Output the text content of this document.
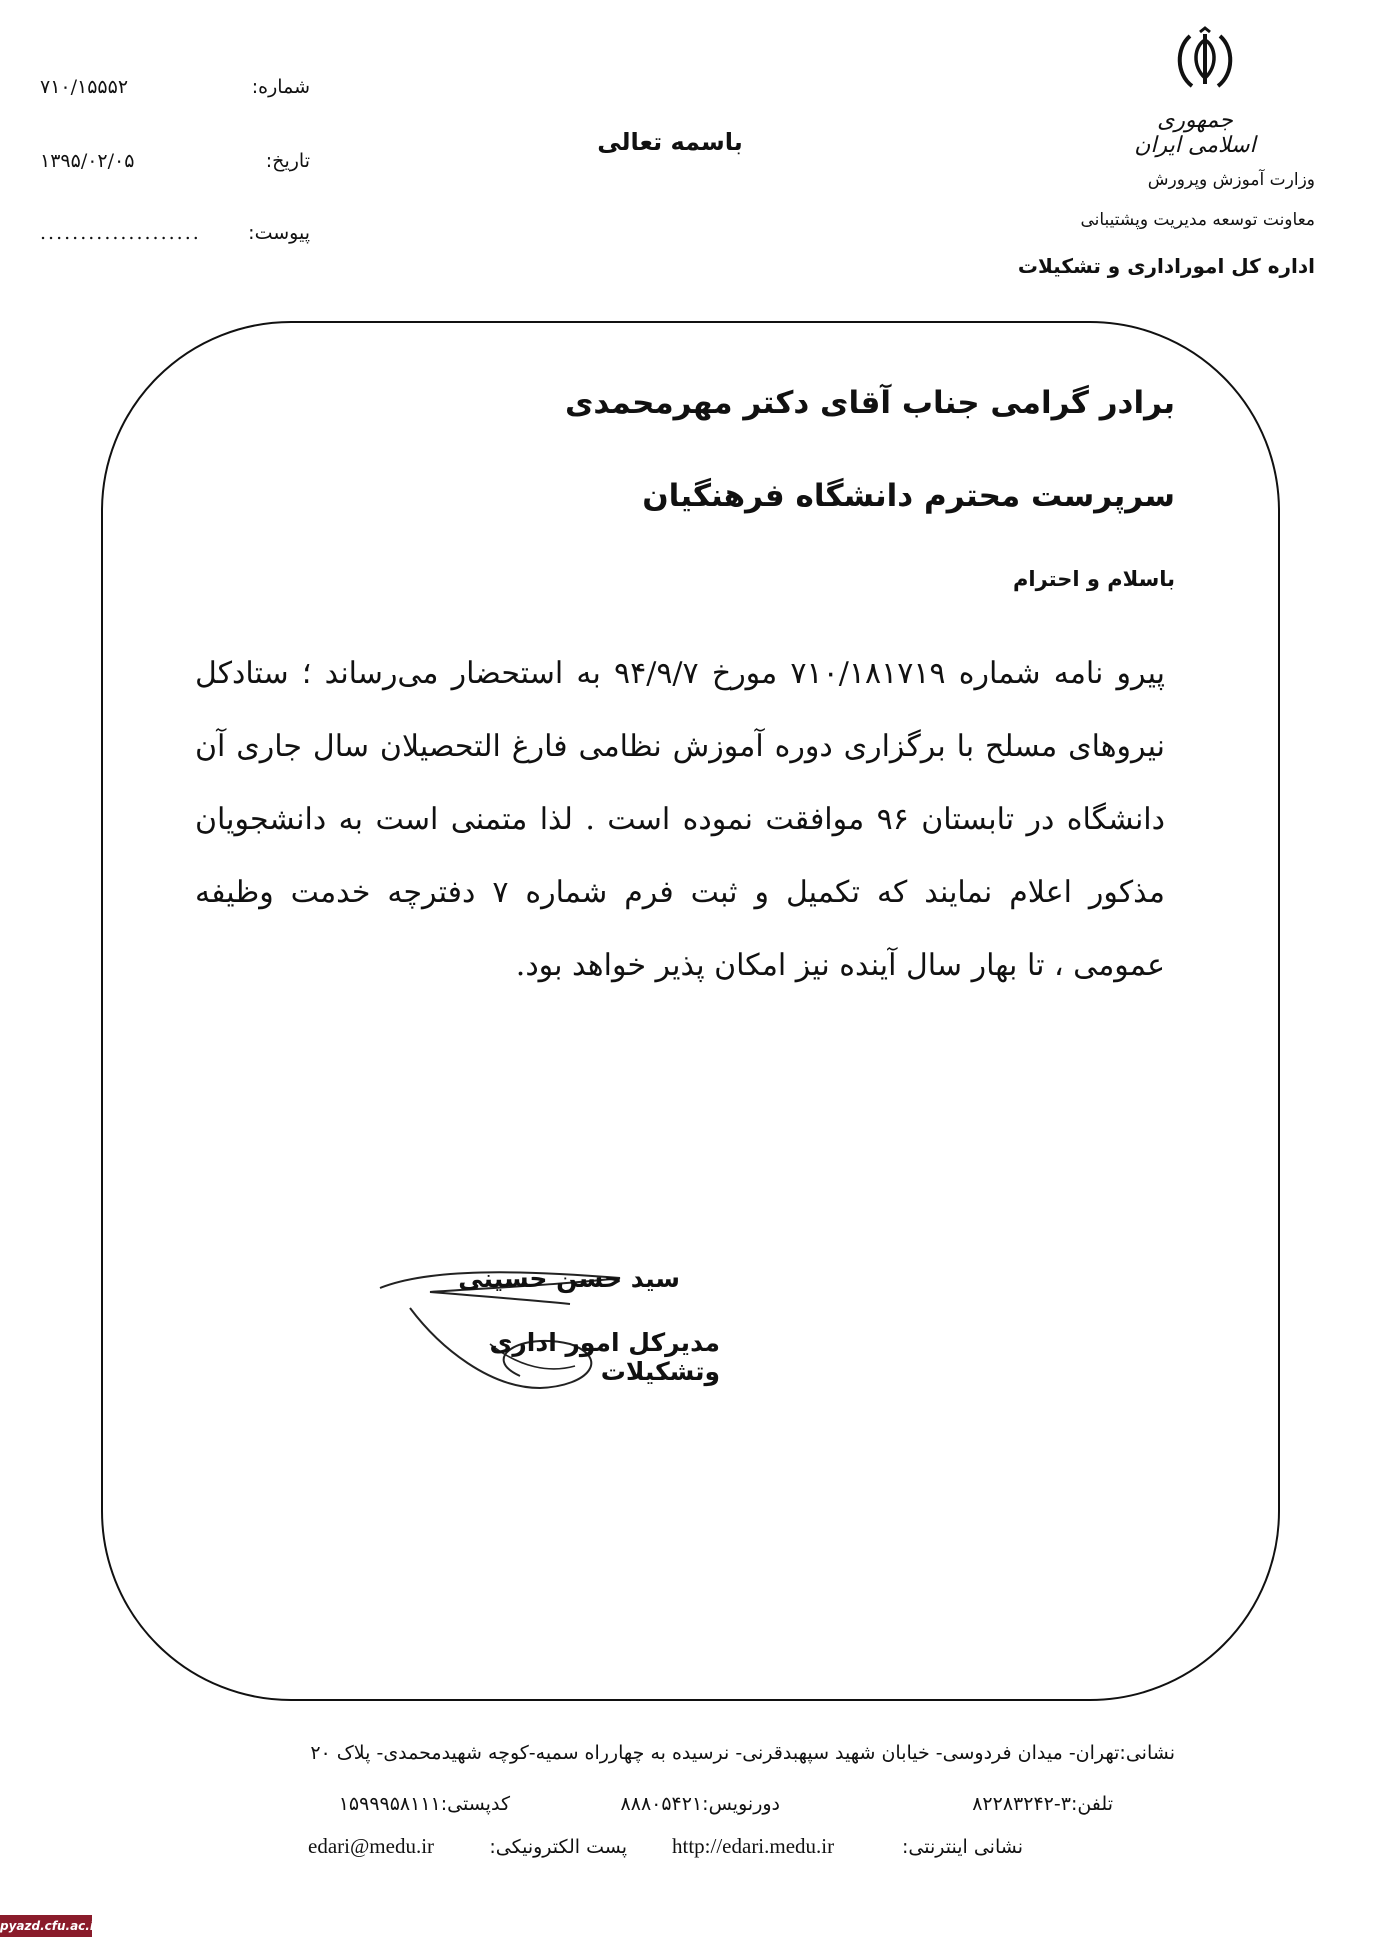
شماره:
۷۱۰/۱۵۵۵۲
تاریخ:
۱۳۹۵/۰۲/۰۵
پیوست:
....................
باسمه تعالی
جمهوری اسلامی ایران
وزارت آموزش وپرورش
معاونت توسعه مدیریت وپشتیبانی
اداره کل اموراداری و تشکیلات
برادر گرامی جناب آقای دکتر مهرمحمدی
سرپرست محترم دانشگاه فرهنگیان
باسلام و احترام
پیرو نامه شماره ۷۱۰/۱۸۱۷۱۹ مورخ ۹۴/۹/۷ به استحضار می‌رساند ؛ ستادکل نیروهای مسلح با برگزاری دوره آموزش نظامی فارغ التحصیلان سال جاری آن دانشگاه در تابستان ۹۶ موافقت نموده است . لذا متمنی است به دانشجویان مذکور اعلام نمایند که تکمیل و ثبت فرم شماره ۷ دفترچه خدمت وظیفه عمومی ، تا بهار سال آینده نیز امکان پذیر خواهد بود.
سید حسن حسینی
مدیرکل امور اداری وتشکیلات
نشانی:تهران- میدان فردوسی- خیابان شهید سپهبدقرنی- نرسیده به چهارراه سمیه-کوچه شهیدمحمدی- پلاک ۲۰
تلفن:۳-۸۲۲۸۳۲۴۲
دورنویس:۸۸۸۰۵۴۲۱
کدپستی:۱۵۹۹۹۵۸۱۱۱
نشانی اینترنتی:
http://edari.medu.ir
پست الکترونیکی:
edari@medu.ir
pyazd.cfu.ac.ir
